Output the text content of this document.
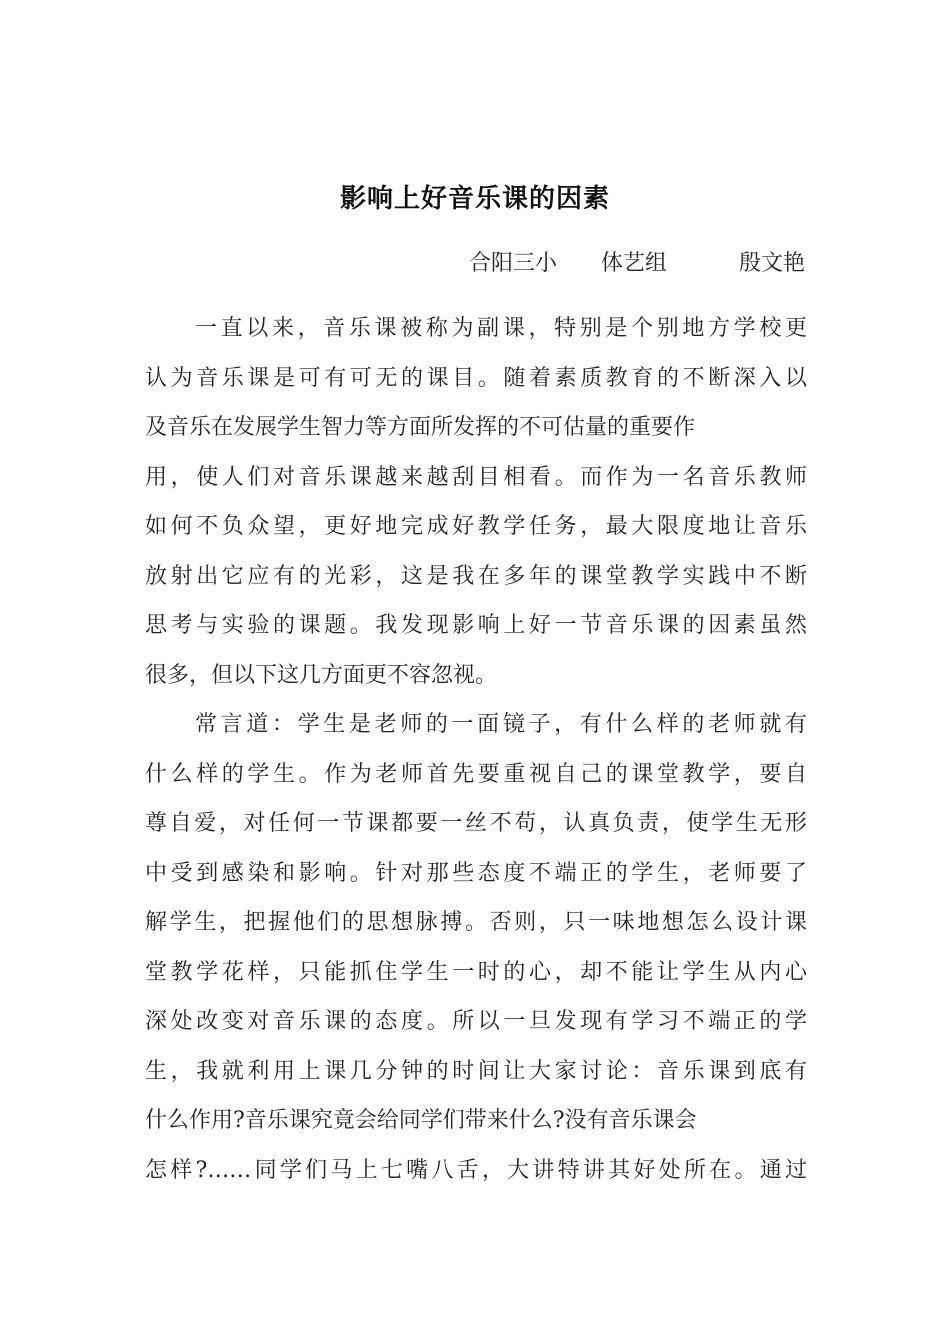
影响上好音乐课的因素
合阳三小 体艺组	殷文艳
一直以来，音乐课被称为副课，特别是个别地方学校更
认为音乐课是可有可无的课目。随着素质教育的不断深入以
及音乐在发展学生智力等方面所发挥的不可估量的重要作
用，使人们对音乐课越来越刮目相看。而作为一名音乐教师
如何不负众望，更好地完成好教学任务，最大限度地让音乐
放射出它应有的光彩，这是我在多年的课堂教学实践中不断
思考与实验的课题。我发现影响上好一节音乐课的因素虽然
很多，但以下这几方面更不容忽视。
常言道：学生是老师的一面镜子，有什么样的老师就有
什么样的学生。作为老师首先要重视自己的课堂教学，要自
尊自爱，对任何一节课都要一丝不苟，认真负责，使学生无形
中受到感染和影响。针对那些态度不端正的学生，老师要了
解学生，把握他们的思想脉搏。否则，只一味地想怎么设计课
堂教学花样，只能抓住学生一时的心，却不能让学生从内心
深处改变对音乐课的态度。所以一旦发现有学习不端正的学
生，我就利用上课几分钟的时间让大家讨论：音乐课到底有
什么作用?音乐课究竟会给同学们带来什么?没有音乐课会
怎样?……同学们马上七嘴八舌，大讲特讲其好处所在。通过
